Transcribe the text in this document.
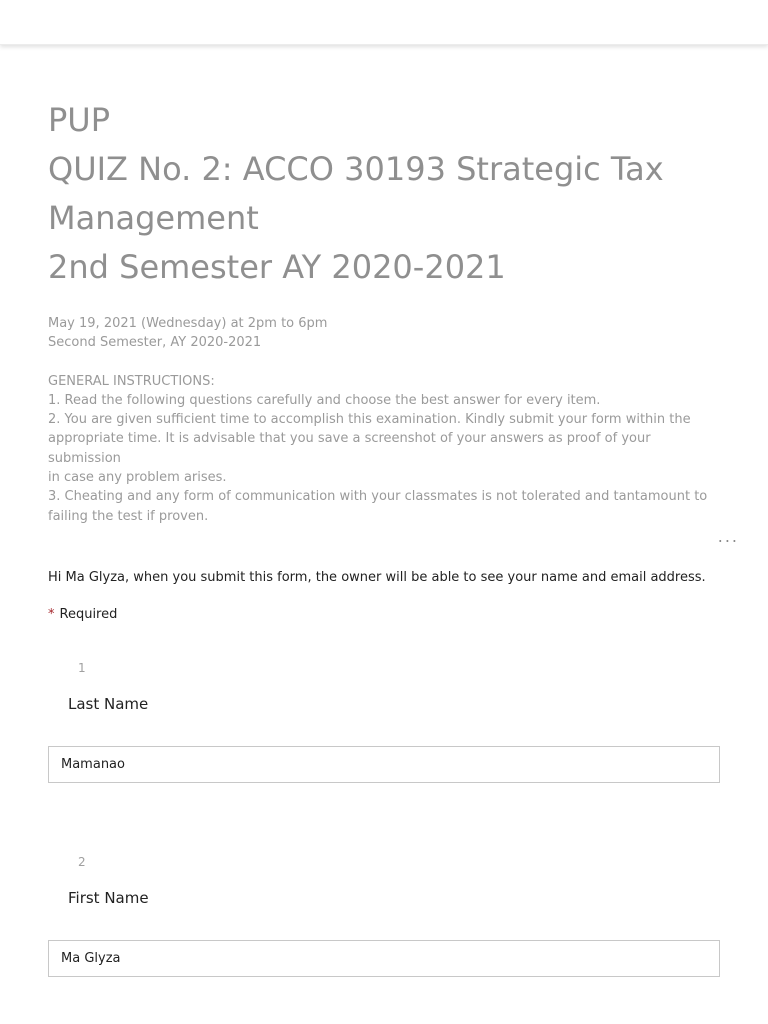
PUP
QUIZ No. 2: ACCO 30193 Strategic Tax
Management
2nd Semester AY 2020-2021
May 19, 2021 (Wednesday) at 2pm to 6pm
Second Semester, AY 2020-2021
GENERAL INSTRUCTIONS:
1. Read the following questions carefully and choose the best answer for every item.
2. You are given sufficient time to accomplish this examination. Kindly submit your form within the
appropriate time. It is advisable that you save a screenshot of your answers as proof of your submission
in case any problem arises.
3. Cheating and any form of communication with your classmates is not tolerated and tantamount to
failing the test if proven.
...
Hi Ma Glyza, when you submit this form, the owner will be able to see your name and email address.
* Required
1
Last Name
Mamanao
2
First Name
Ma Glyza
